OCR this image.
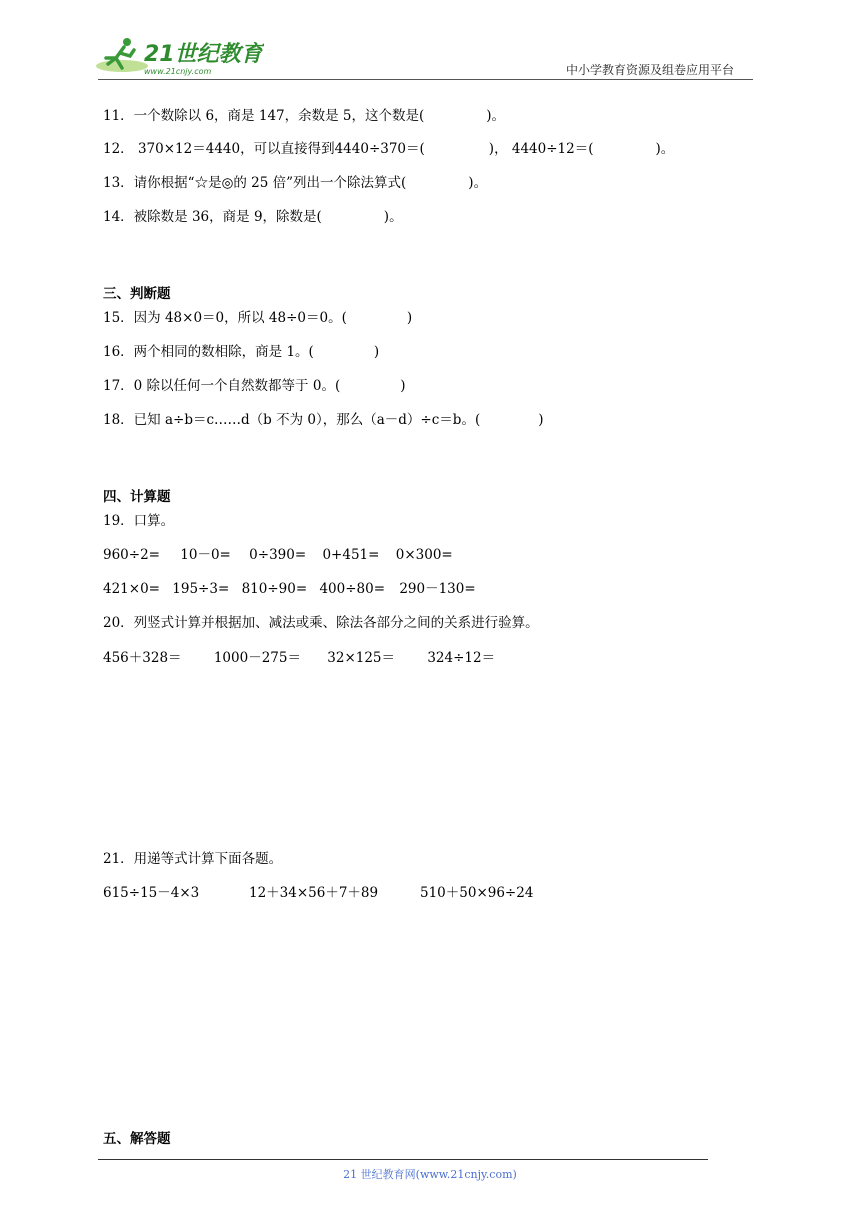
21世纪教育
www.21cnjy.com	中小学教育资源及组卷应用平台
11．一个数除以 6，商是 147，余数是 5，这个数是(	)。
12． 370×12＝4440，可以直接得到4440÷370＝(	)， 4440÷12＝(	)。
13．请你根据“☆是◎的 25 倍”列出一个除法算式(	)。
14．被除数是 36，商是 9，除数是(	)。
三、判断题
15．因为 48×0＝0，所以 48÷0＝0。(	)
16．两个相同的数相除，商是 1。(	)
17．0 除以任何一个自然数都等于 0。(	)
18．已知 a÷b＝c……d（b 不为 0），那么（a－d）÷c＝b。(	)
四、计算题
19．口算。
960÷2= 10－0= 0÷390= 0+451= 0×300=
421×0= 195÷3= 810÷90= 400÷80= 290－130=
20．列竖式计算并根据加、减法或乘、除法各部分之间的关系进行验算。
456＋328＝ 1000－275＝ 32×125＝ 324÷12＝
21．用递等式计算下面各题。
615÷15－4×3	12＋34×56＋7＋89	510＋50×96÷24
五、解答题
21 世纪教育网(www.21cnjy.com)
